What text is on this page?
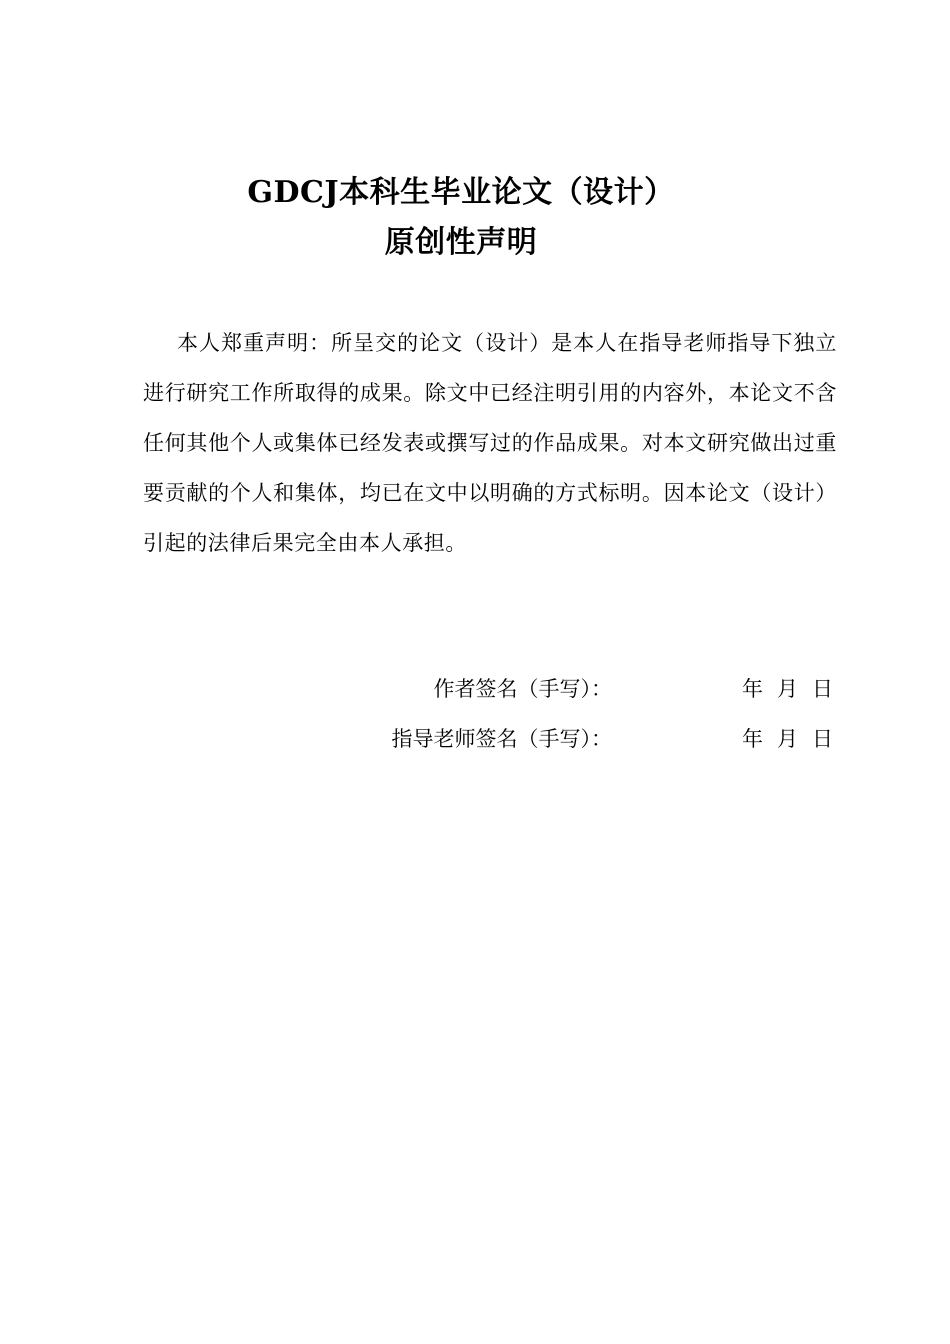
GDCJ本科生毕业论文（设计）
原创性声明

本人郑重声明：所呈交的论文（设计）是本人在指导老师指导下独立进行研究工作所取得的成果。除文中已经注明引用的内容外，本论文不含任何其他个人或集体已经发表或撰写过的作品成果。对本文研究做出过重要贡献的个人和集体，均已在文中以明确的方式标明。因本论文（设计）引起的法律后果完全由本人承担。

作者签名（手写）：	年 月 日
指导老师签名（手写）：	年 月 日
